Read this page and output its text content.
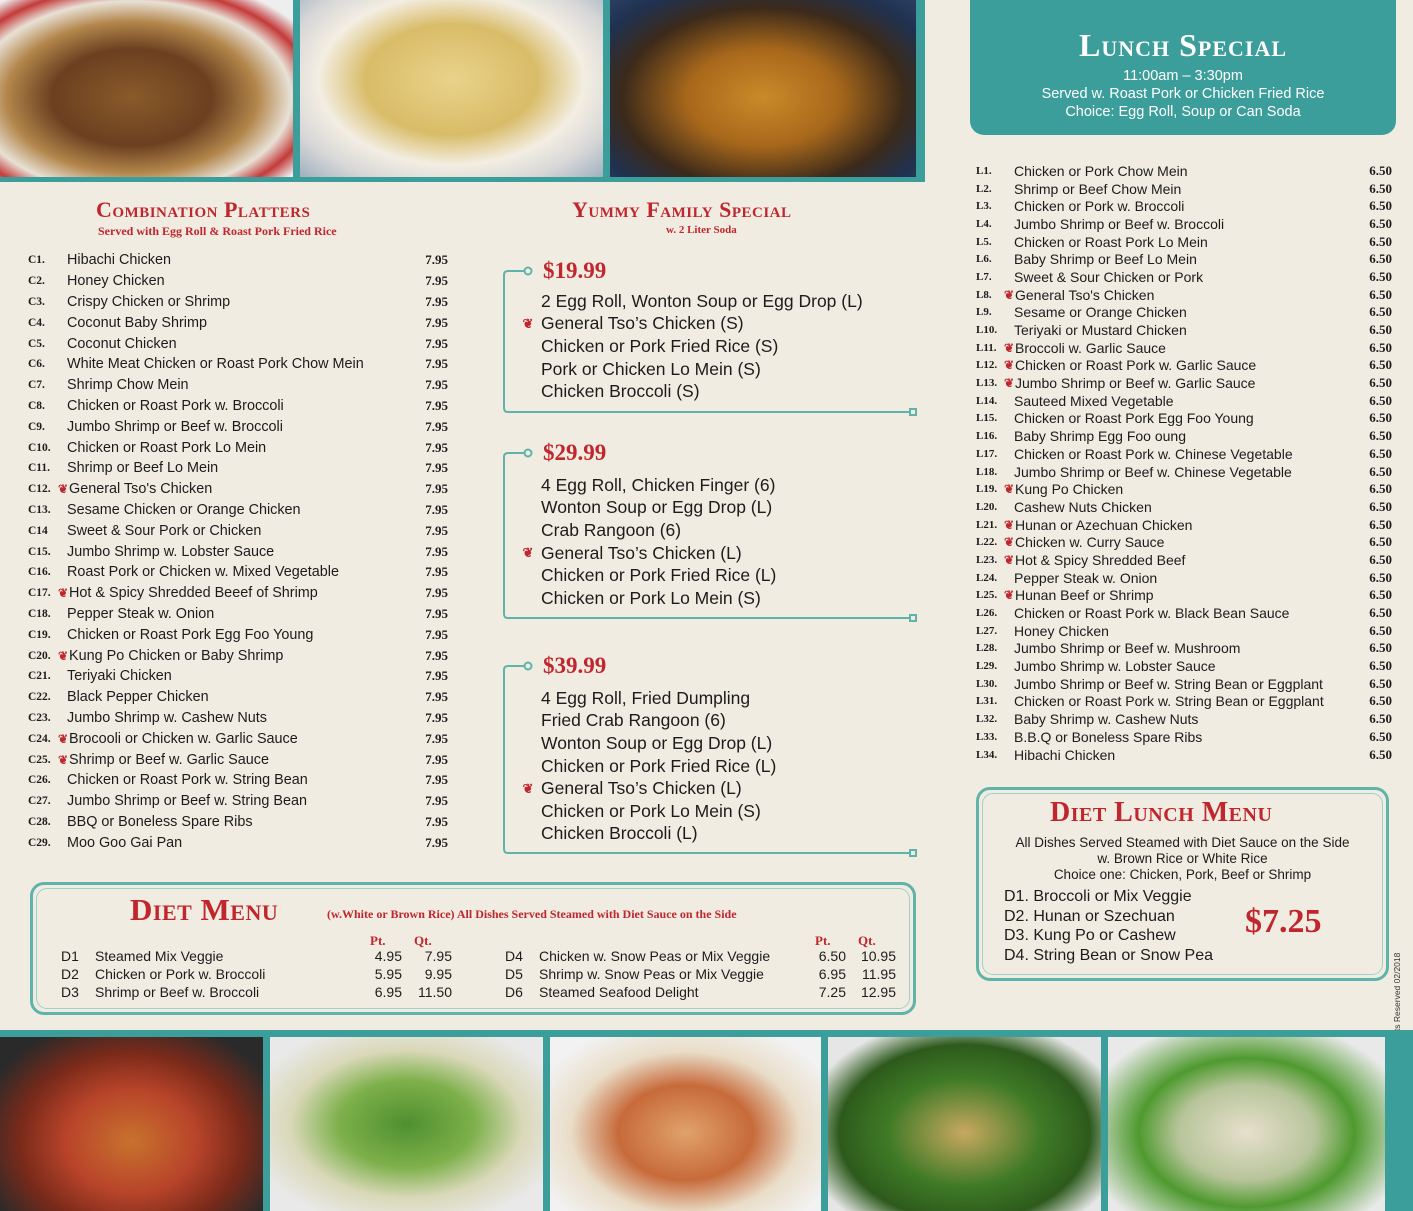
Lunch Special
11:00am – 3:30pm
Served w. Roast Pork or Chicken Fried Rice
Choice: Egg Roll, Soup or Can Soda
Combination Platters
Served with Egg Roll & Roast Pork Fried Rice
C1.	Hibachi Chicken	7.95
C2.	Honey Chicken	7.95
C3.	Crispy Chicken or Shrimp	7.95
C4.	Coconut Baby Shrimp	7.95
C5.	Coconut Chicken	7.95
C6.	White Meat Chicken or Roast Pork Chow Mein	7.95
C7.	Shrimp Chow Mein	7.95
C8.	Chicken or Roast Pork w. Broccoli	7.95
C9.	Jumbo Shrimp or Beef w. Broccoli	7.95
C10.	Chicken or Roast Pork Lo Mein	7.95
C11.	Shrimp or Beef Lo Mein	7.95
C12. ❦ General Tso's Chicken	7.95
C13.	Sesame Chicken or Orange Chicken	7.95
C14	Sweet & Sour Pork or Chicken	7.95
C15.	Jumbo Shrimp w. Lobster Sauce	7.95
C16.	Roast Pork or Chicken w. Mixed Vegetable	7.95
C17. ❦ Hot & Spicy Shredded Beeef of Shrimp	7.95
C18.	Pepper Steak w. Onion	7.95
C19.	Chicken or Roast Pork Egg Foo Young	7.95
C20. ❦ Kung Po Chicken or Baby Shrimp	7.95
C21.	Teriyaki Chicken	7.95
C22.	Black Pepper Chicken	7.95
C23.	Jumbo Shrimp w. Cashew Nuts	7.95
C24. ❦ Brocooli or Chicken w. Garlic Sauce	7.95
C25. ❦ Shrimp or Beef w. Garlic Sauce	7.95
C26.	Chicken or Roast Pork w. String Bean	7.95
C27.	Jumbo Shrimp or Beef w. String Bean	7.95
C28.	BBQ or Boneless Spare Ribs	7.95
C29.	Moo Goo Gai Pan	7.95
Yummy Family Special
w. 2 Liter Soda
$19.99
2 Egg Roll, Wonton Soup or Egg Drop (L)
❦ General Tso’s Chicken (S)
Chicken or Pork Fried Rice (S)
Pork or Chicken Lo Mein (S)
Chicken Broccoli (S)
$29.99
4 Egg Roll, Chicken Finger (6)
Wonton Soup or Egg Drop (L)
Crab Rangoon (6)
❦ General Tso’s Chicken (L)
Chicken or Pork Fried Rice (L)
Chicken or Pork Lo Mein (S)
$39.99
4 Egg Roll, Fried Dumpling
Fried Crab Rangoon (6)
Wonton Soup or Egg Drop (L)
Chicken or Pork Fried Rice (L)
❦ General Tso’s Chicken (L)
Chicken or Pork Lo Mein (S)
Chicken Broccoli (L)
L1.	Chicken or Pork Chow Mein	6.50
L2.	Shrimp or Beef Chow Mein	6.50
L3.	Chicken or Pork w. Broccoli	6.50
L4.	Jumbo Shrimp or Beef w. Broccoli	6.50
L5.	Chicken or Roast Pork Lo Mein	6.50
L6.	Baby Shrimp or Beef Lo Mein	6.50
L7.	Sweet & Sour Chicken or Pork	6.50
L8.	❦ General Tso's Chicken	6.50
L9.	Sesame or Orange Chicken	6.50
L10.	Teriyaki or Mustard Chicken	6.50
L11. ❦ Broccoli w. Garlic Sauce	6.50
L12. ❦ Chicken or Roast Pork w. Garlic Sauce	6.50
L13. ❦ Jumbo Shrimp or Beef w. Garlic Sauce	6.50
L14.	Sauteed Mixed Vegetable	6.50
L15.	Chicken or Roast Pork Egg Foo Young	6.50
L16.	Baby Shrimp Egg Foo oung	6.50
L17.	Chicken or Roast Pork w. Chinese Vegetable	6.50
L18.	Jumbo Shrimp or Beef w. Chinese Vegetable	6.50
L19. ❦ Kung Po Chicken	6.50
L20.	Cashew Nuts Chicken	6.50
L21. ❦ Hunan or Azechuan Chicken	6.50
L22. ❦ Chicken w. Curry Sauce	6.50
L23. ❦ Hot & Spicy Shredded Beef	6.50
L24.	Pepper Steak w. Onion	6.50
L25. ❦ Hunan Beef or Shrimp	6.50
L26.	Chicken or Roast Pork w. Black Bean Sauce	6.50
L27.	Honey Chicken	6.50
L28.	Jumbo Shrimp or Beef w. Mushroom	6.50
L29.	Jumbo Shrimp w. Lobster Sauce	6.50
L30.	Jumbo Shrimp or Beef w. String Bean or Eggplant	6.50
L31.	Chicken or Roast Pork w. String Bean or Eggplant	6.50
L32.	Baby Shrimp w. Cashew Nuts	6.50
L33.	B.B.Q or Boneless Spare Ribs	6.50
L34.	Hibachi Chicken	6.50
Diet Menu	(w.White or Brown Rice) All Dishes Served Steamed with Diet Sauce on the Side
Pt. Qt.	Pt. Qt.
D1	Steamed Mix Veggie	4.95	7.95
D2	Chicken or Pork w. Broccoli	5.95	9.95
D3	Shrimp or Beef w. Broccoli	6.95	11.50
D4	Chicken w. Snow Peas or Mix Veggie	6.50	10.95
D5	Shrimp w. Snow Peas or Mix Veggie	6.95	11.95
D6	Steamed Seafood Delight	7.25	12.95
Diet Lunch Menu
All Dishes Served Steamed with Diet Sauce on the Side
w. Brown Rice or White Rice
Choice one: Chicken, Pork, Beef or Shrimp
D1. Broccoli or Mix Veggie
D2. Hunan or Szechuan
D3. Kung Po or Cashew
D4. String Bean or Snow Pea
$7.25
